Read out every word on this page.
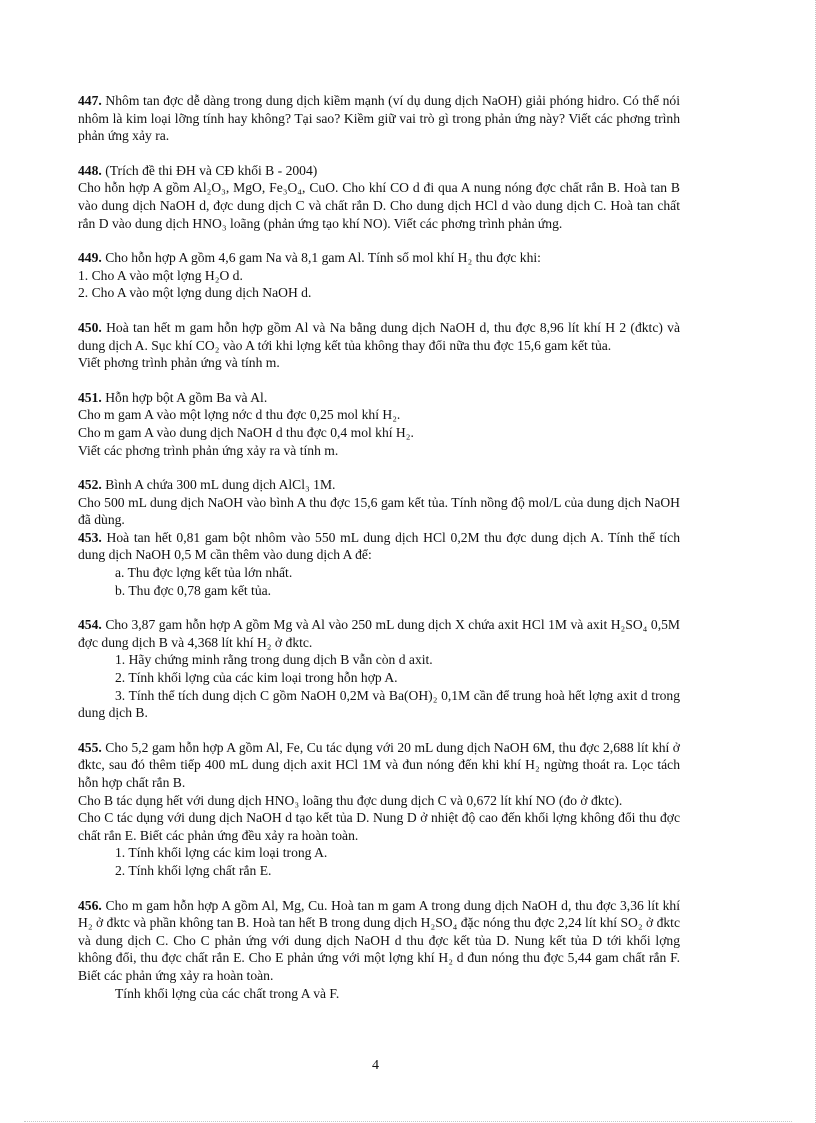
447. Nhôm tan đợc dễ dàng trong dung dịch kiềm mạnh (ví dụ dung dịch NaOH) giải phóng hidro. Có thể nói nhôm là kim loại lỡng tính hay không? Tại sao? Kiềm giữ vai trò gì trong phản ứng này? Viết các phơng trình phản ứng xảy ra.

448. (Trích đề thi ĐH và CĐ khối B - 2004)

Cho hỗn hợp A gồm Al₂O₃, MgO, Fe₃O₄, CuO. Cho khí CO d đi qua A nung nóng đợc chất rắn B. Hoà tan B vào dung dịch NaOH d, đợc dung dịch C và chất rắn D. Cho dung dịch HCl d vào dung dịch C. Hoà tan chất rắn D vào dung dịch HNO₃ loãng (phản ứng tạo khí NO). Viết các phơng trình phản ứng.

449. Cho hỗn hợp A gồm 4,6 gam Na và 8,1 gam Al. Tính số mol khí H₂ thu đợc khi:

1. Cho A vào một lợng H₂O d.

2. Cho A vào một lợng dung dịch NaOH d.

450. Hoà tan hết m gam hỗn hợp gồm Al và Na bằng dung dịch NaOH d, thu đợc 8,96 lít khí H 2 (đktc) và dung dịch A. Sục khí CO₂ vào A tới khi lợng kết tủa không thay đổi nữa thu đợc 15,6 gam kết tủa.

Viết phơng trình phản ứng và tính m.

451. Hỗn hợp bột A gồm Ba và Al.

Cho m gam A vào một lợng nớc d thu đợc 0,25 mol khí H₂.

Cho m gam A vào dung dịch NaOH d thu đợc 0,4 mol khí H₂.

Viết các phơng trình phản ứng xảy ra và tính m.

452. Bình A chứa 300 mL dung dịch AlCl₃ 1M.

Cho 500 mL dung dịch NaOH vào bình A thu đợc 15,6 gam kết tủa. Tính nồng độ mol/L của dung dịch NaOH đã dùng.

453. Hoà tan hết 0,81 gam bột nhôm vào 550 mL dung dịch HCl 0,2M thu đợc dung dịch A. Tính thể tích dung dịch NaOH 0,5 M cần thêm vào dung dịch A để:

a. Thu đợc lợng kết tủa lớn nhất.

b. Thu đợc 0,78 gam kết tủa.

454. Cho 3,87 gam hỗn hợp A gồm Mg và Al vào 250 mL dung dịch X chứa axit HCl 1M và axit H₂SO₄ 0,5M đợc dung dịch B và 4,368 lít khí H₂ ở đktc.

1. Hãy chứng minh rằng trong dung dịch B vẫn còn d axit.

2. Tính khối lợng của các kim loại trong hỗn hợp A.

3. Tính thể tích dung dịch C gồm NaOH 0,2M và Ba(OH)₂ 0,1M cần để trung hoà hết lợng axit d trong dung dịch B.

455. Cho 5,2 gam hỗn hợp A gồm Al, Fe, Cu tác dụng với 20 mL dung dịch NaOH 6M, thu đợc 2,688 lít khí ở đktc, sau đó thêm tiếp 400 mL dung dịch axit HCl 1M và đun nóng đến khi khí H₂ ngừng thoát ra. Lọc tách hỗn hợp chất rắn B.

Cho B tác dụng hết với dung dịch HNO₃ loãng thu đợc dung dịch C và 0,672 lít khí NO (đo ở đktc).

Cho C tác dụng với dung dịch NaOH d tạo kết tủa D. Nung D ở nhiệt độ cao đến khối lợng không đổi thu đợc chất rắn E. Biết các phản ứng đều xảy ra hoàn toàn.

1. Tính khối lợng các kim loại trong A.

2. Tính khối lợng chất rắn E.

456. Cho m gam hỗn hợp A gồm Al, Mg, Cu. Hoà tan m gam A trong dung dịch NaOH d, thu đợc 3,36 lít khí H₂ ở đktc và phần không tan B. Hoà tan hết B trong dung dịch H₂SO₄ đặc nóng thu đợc 2,24 lít khí SO₂ ở đktc và dung dịch C. Cho C phản ứng với dung dịch NaOH d thu đợc kết tủa D. Nung kết tủa D tới khối lợng không đổi, thu đợc chất rắn E. Cho E phản ứng với một lợng khí H₂ d đun nóng thu đợc 5,44 gam chất rắn F. Biết các phản ứng xảy ra hoàn toàn.

Tính khối lợng của các chất trong A và F.

4
